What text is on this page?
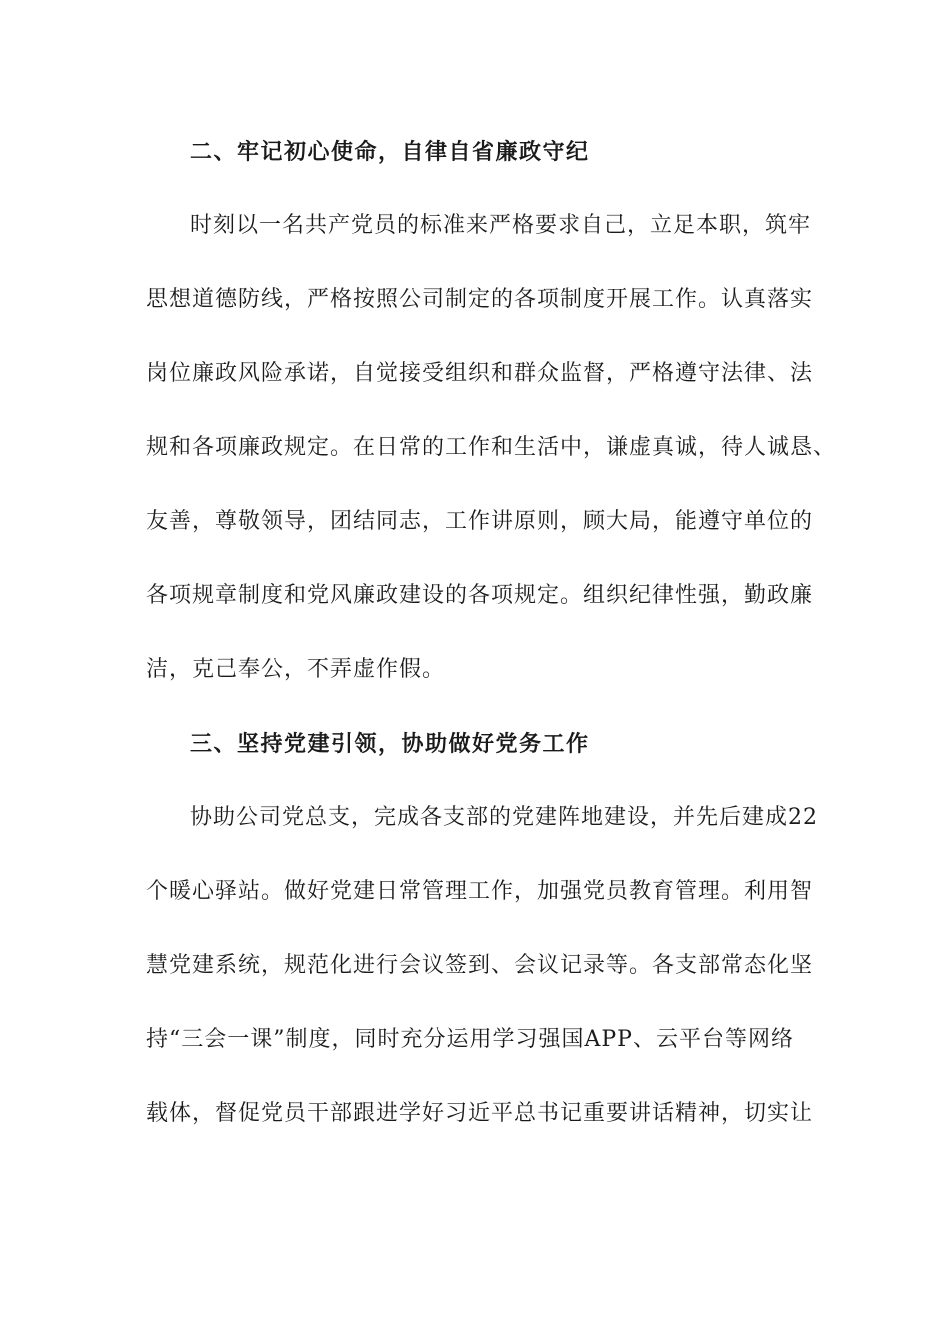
二、牢记初心使命，自律自省廉政守纪
时刻以一名共产党员的标准来严格要求自己，立足本职，筑牢
思想道德防线，严格按照公司制定的各项制度开展工作。认真落实
岗位廉政风险承诺，自觉接受组织和群众监督，严格遵守法律、法
规和各项廉政规定。在日常的工作和生活中，谦虚真诚，待人诚恳、
友善，尊敬领导，团结同志，工作讲原则，顾大局，能遵守单位的
各项规章制度和党风廉政建设的各项规定。组织纪律性强，勤政廉
洁，克己奉公，不弄虚作假。
三、坚持党建引领，协助做好党务工作
协助公司党总支，完成各支部的党建阵地建设，并先后建成22
个暖心驿站。做好党建日常管理工作，加强党员教育管理。利用智
慧党建系统，规范化进行会议签到、会议记录等。各支部常态化坚
持“三会一课”制度，同时充分运用学习强国APP、云平台等网络
载体，督促党员干部跟进学好习近平总书记重要讲话精神，切实让
